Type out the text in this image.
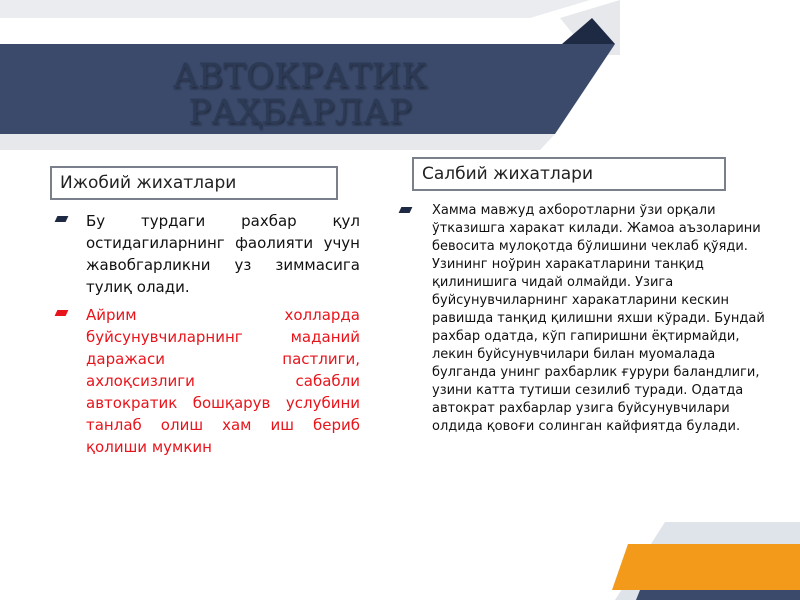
АВТОКРАТИК
РАҲБАРЛАР
Ижобий жихатлари
Бу турдаги рахбар қул остидагиларнинг фаолияти учун жавобгарликни уз зиммасига тулиқ олади.
Айрим холларда буйсунувчиларнинг маданий даражаси пастлиги, ахлоқсизлиги сабабли автократик бошқарув услубини танлаб олиш хам иш бериб қолиши мумкин
Салбий жихатлари
Хамма мавжуд ахборотларни ўзи орқали ўтказишга харакат килади. Жамоа аъзоларини бевосита мулоқотда бўлишини чеклаб қўяди. Узининг ноўрин харакатларини танқид қилинишига чидай олмайди. Узига буйсунувчиларнинг харакатларини кескин равишда танқид қилишни яхши кўради. Бундай рахбар одатда, кўп гапиришни ёқтирмайди, лекин буйсунувчилари билан муомалада булганда унинг рахбарлик ғурури баландлиги, узини катта тутиши сезилиб туради. Одатда автократ рахбарлар узига буйсунувчилари олдида қовоғи солинган кайфиятда булади.
